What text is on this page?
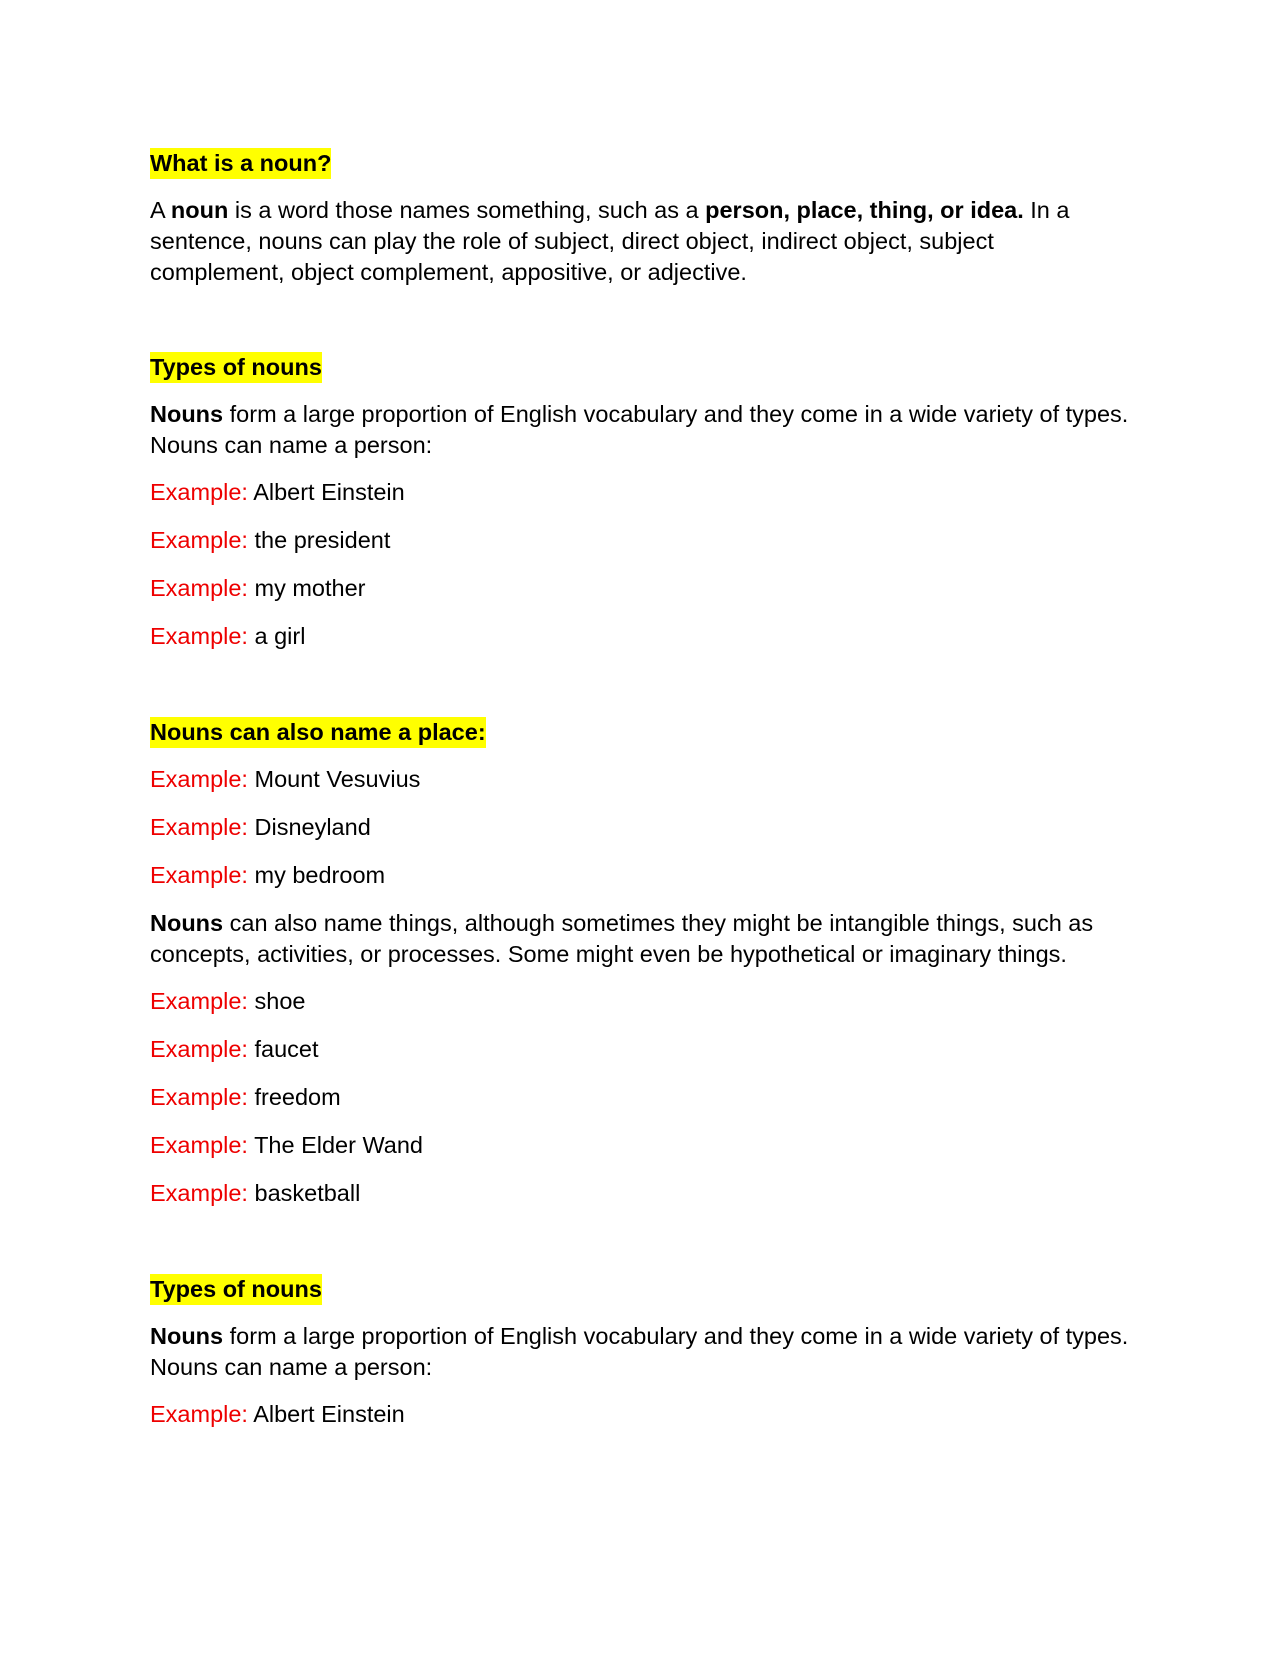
What is a noun?

A noun is a word those names something, such as a person, place, thing, or idea. In a sentence, nouns can play the role of subject, direct object, indirect object, subject complement, object complement, appositive, or adjective.

Types of nouns

Nouns form a large proportion of English vocabulary and they come in a wide variety of types. Nouns can name a person:

Example: Albert Einstein

Example: the president

Example: my mother

Example: a girl

Nouns can also name a place:

Example: Mount Vesuvius

Example: Disneyland

Example: my bedroom

Nouns can also name things, although sometimes they might be intangible things, such as concepts, activities, or processes. Some might even be hypothetical or imaginary things.

Example: shoe

Example: faucet

Example: freedom

Example: The Elder Wand

Example: basketball

Types of nouns

Nouns form a large proportion of English vocabulary and they come in a wide variety of types. Nouns can name a person:

Example: Albert Einstein
